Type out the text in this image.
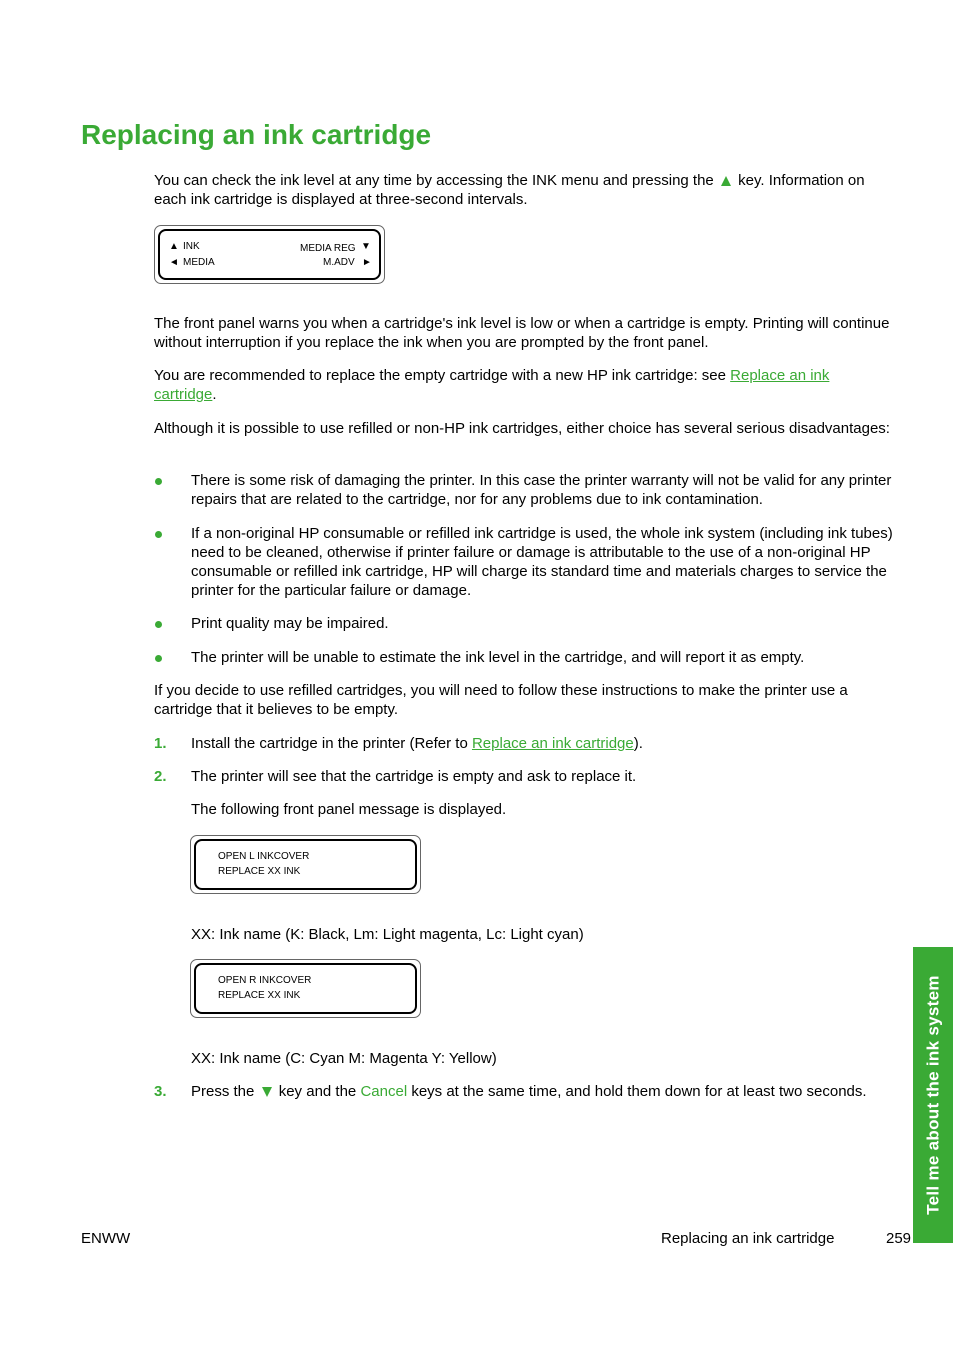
Replacing an ink cartridge

You can check the ink level at any time by accessing the INK menu and pressing the key. Information on each ink cartridge is displayed at three-second intervals.

▲ INK	MEDIA REG ▼
◄ MEDIA	M.ADV ►

The front panel warns you when a cartridge's ink level is low or when a cartridge is empty. Printing will continue without interruption if you replace the ink when you are prompted by the front panel.

You are recommended to replace the empty cartridge with a new HP ink cartridge: see Replace an ink
cartridge.

Although it is possible to use refilled or non-HP ink cartridges, either choice has several serious disadvantages:

There is some risk of damaging the printer. In this case the printer warranty will not be valid for any printer repairs that are related to the cartridge, nor for any problems due to ink contamination.

If a non-original HP consumable or refilled ink cartridge is used, the whole ink system (including ink tubes) need to be cleaned, otherwise if printer failure or damage is attributable to the use of a non-original HP consumable or refilled ink cartridge, HP will charge its standard time and materials charges to service the printer for the particular failure or damage.

Print quality may be impaired.

The printer will be unable to estimate the ink level in the cartridge, and will report it as empty.

If you decide to use refilled cartridges, you will need to follow these instructions to make the printer use a cartridge that it believes to be empty.

1. Install the cartridge in the printer (Refer to Replace an ink cartridge).

2. The printer will see that the cartridge is empty and ask to replace it.

The following front panel message is displayed.

OPEN L INKCOVER
REPLACE XX INK

XX: Ink name (K: Black, Lm: Light magenta, Lc: Light cyan)

OPEN R INKCOVER
REPLACE XX INK

XX: Ink name (C: Cyan M: Magenta Y: Yellow)

3. Press the key and the Cancel keys at the same time, and hold them down for at least two seconds.	Tell me about the ink system
ENWW	Replacing an ink cartridge	259
